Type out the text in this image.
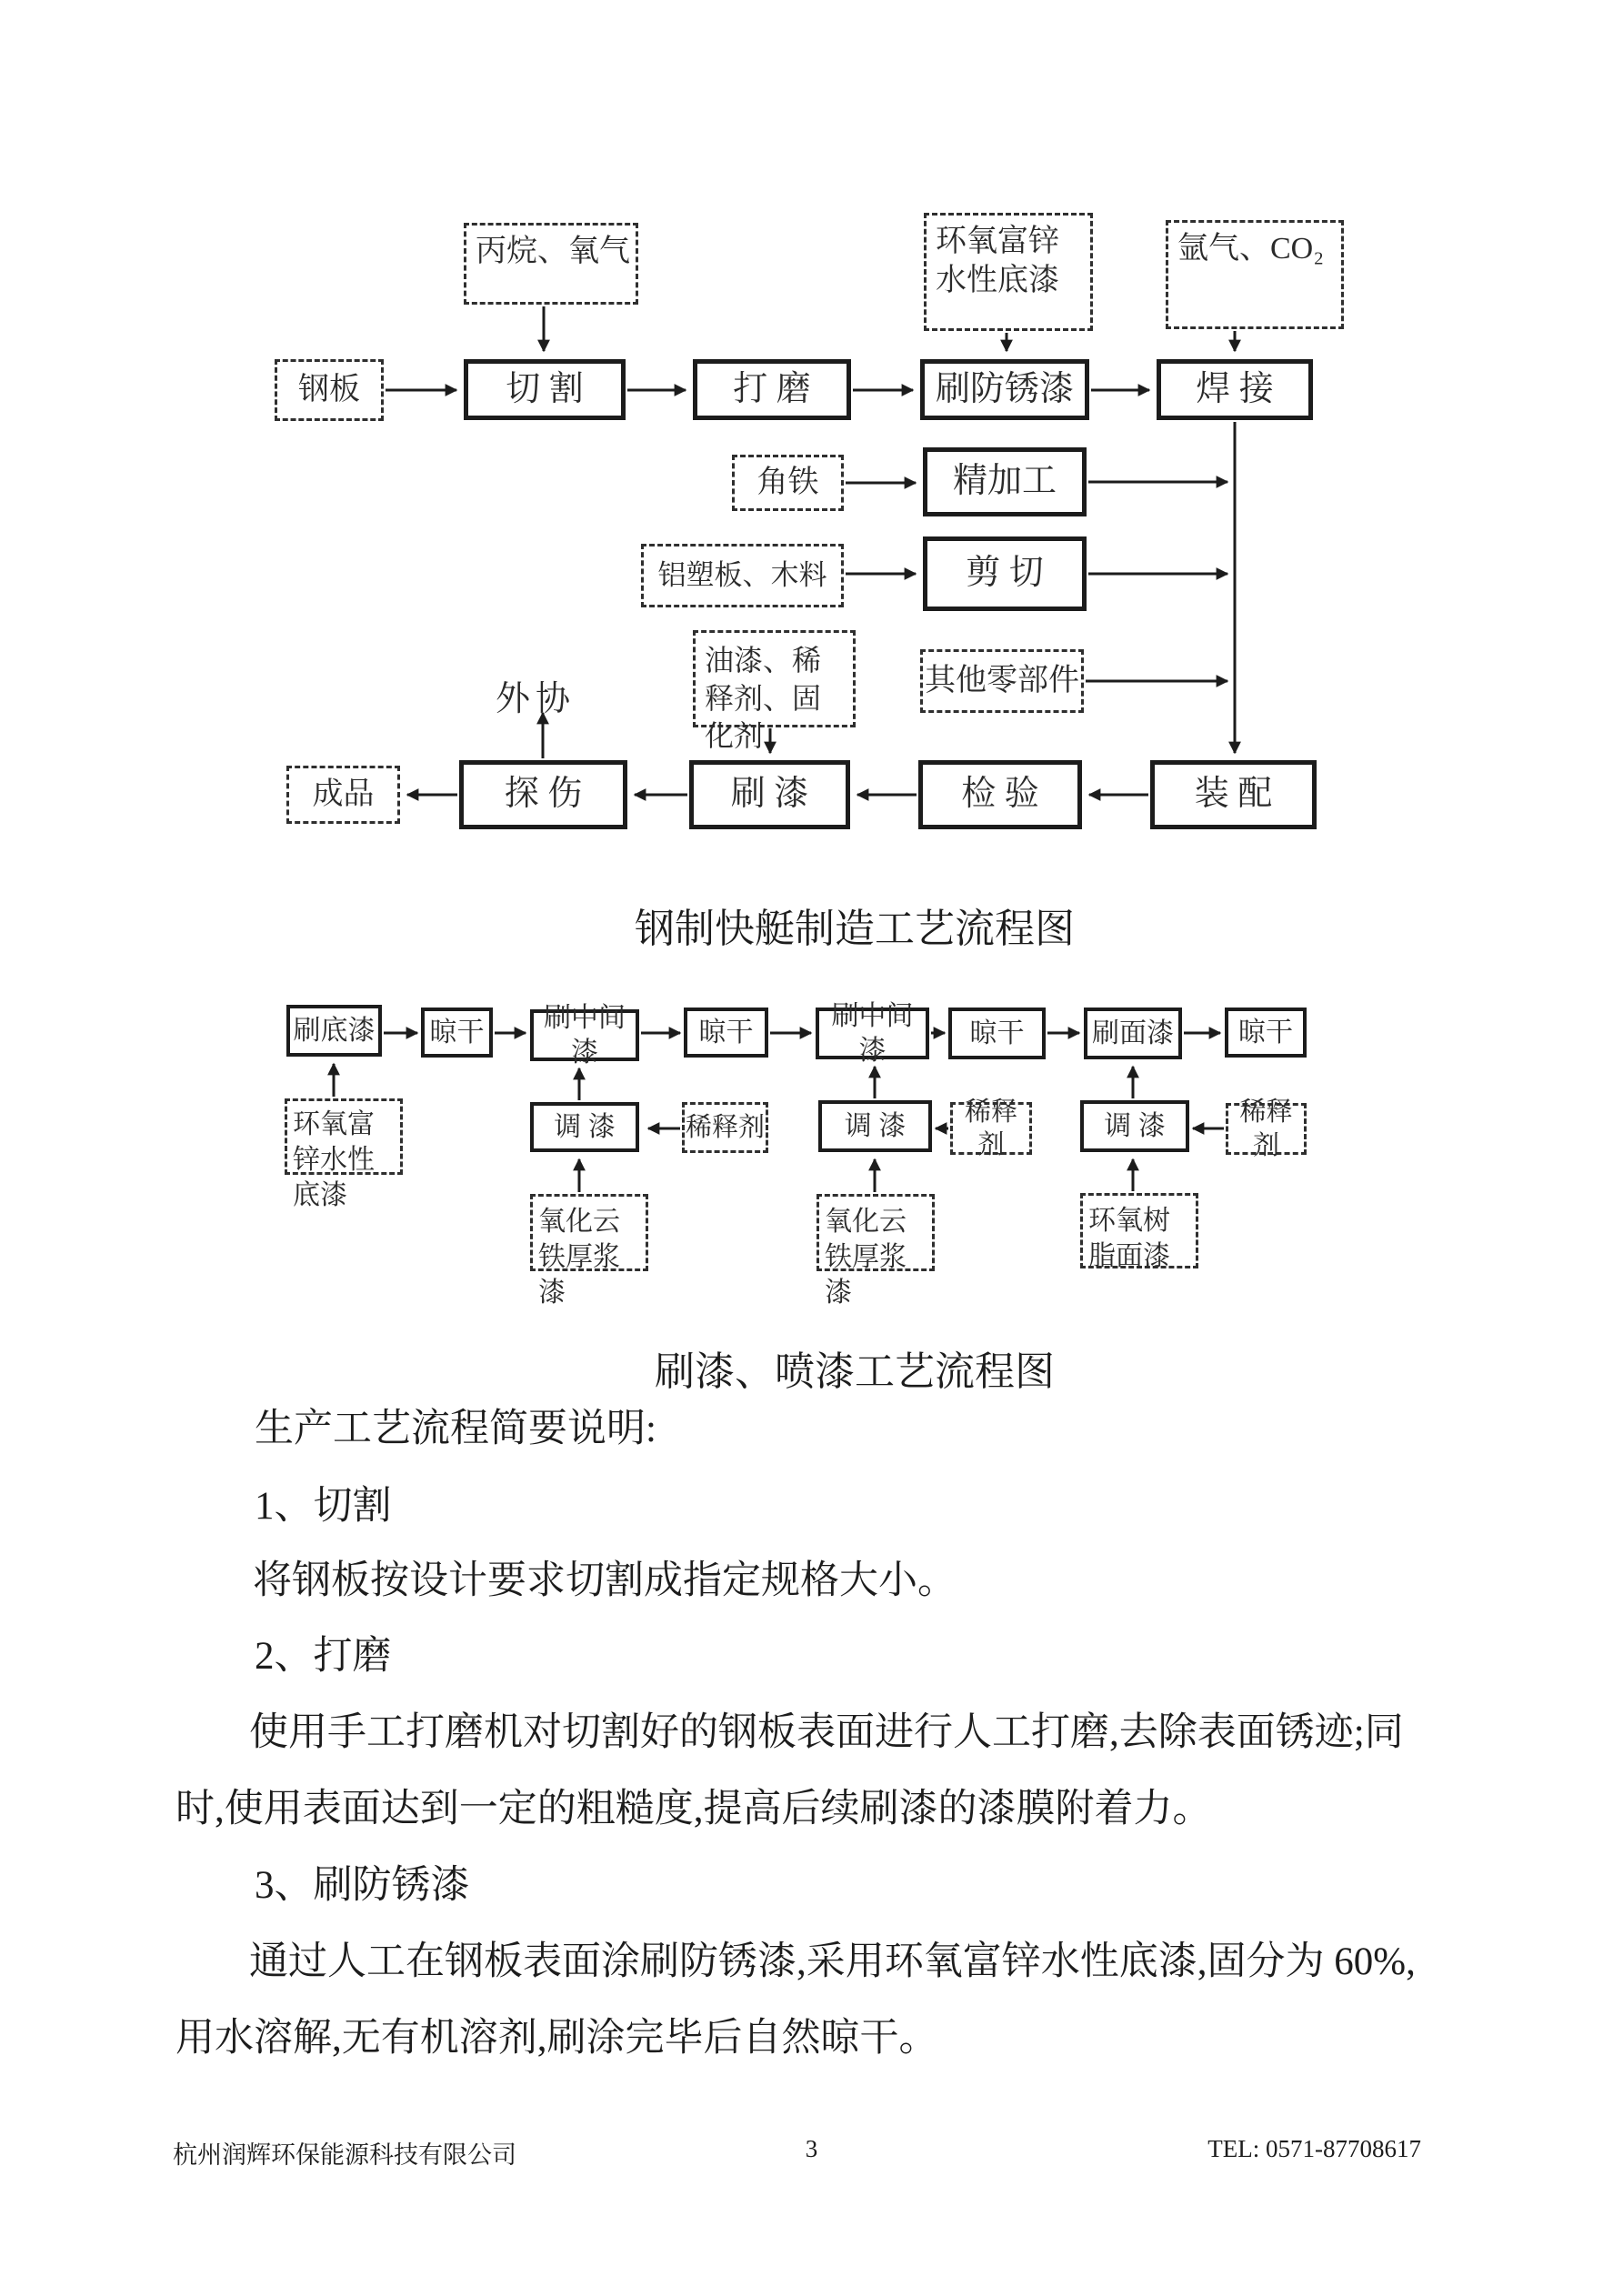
丙烷、氧气	环氧富锌水性底漆
氩气、CO₂
钢板	切 割	打 磨	刷防锈漆	焊 接
角铁	精加工
铝塑板、木料	剪 切
油漆、稀释剂、固化剂
其他零部件
外协
成品	探 伤	刷 漆	检 验	装 配
钢制快艇制造工艺流程图
刷底漆	晾干	刷中间漆
晾干
刷中间漆
晾干	刷面漆	晾干
环氧富锌水性底漆
调 漆	稀释剂	调 漆	稀释剂
调 漆	稀释剂
氧化云铁厚浆漆
氧化云铁厚浆漆
环氧树脂面漆
刷漆、喷漆工艺流程图
生产工艺流程简要说明:
1、切割
将钢板按设计要求切割成指定规格大小。
2、打磨
使用手工打磨机对切割好的钢板表面进行人工打磨,去除表面锈迹;同
时,使用表面达到一定的粗糙度,提高后续刷漆的漆膜附着力。
3、刷防锈漆
通过人工在钢板表面涂刷防锈漆,采用环氧富锌水性底漆,固分为 60%,
用水溶解,无有机溶剂,刷涂完毕后自然晾干。
杭州润辉环保能源科技有限公司	3	TEL: 0571-87708617
